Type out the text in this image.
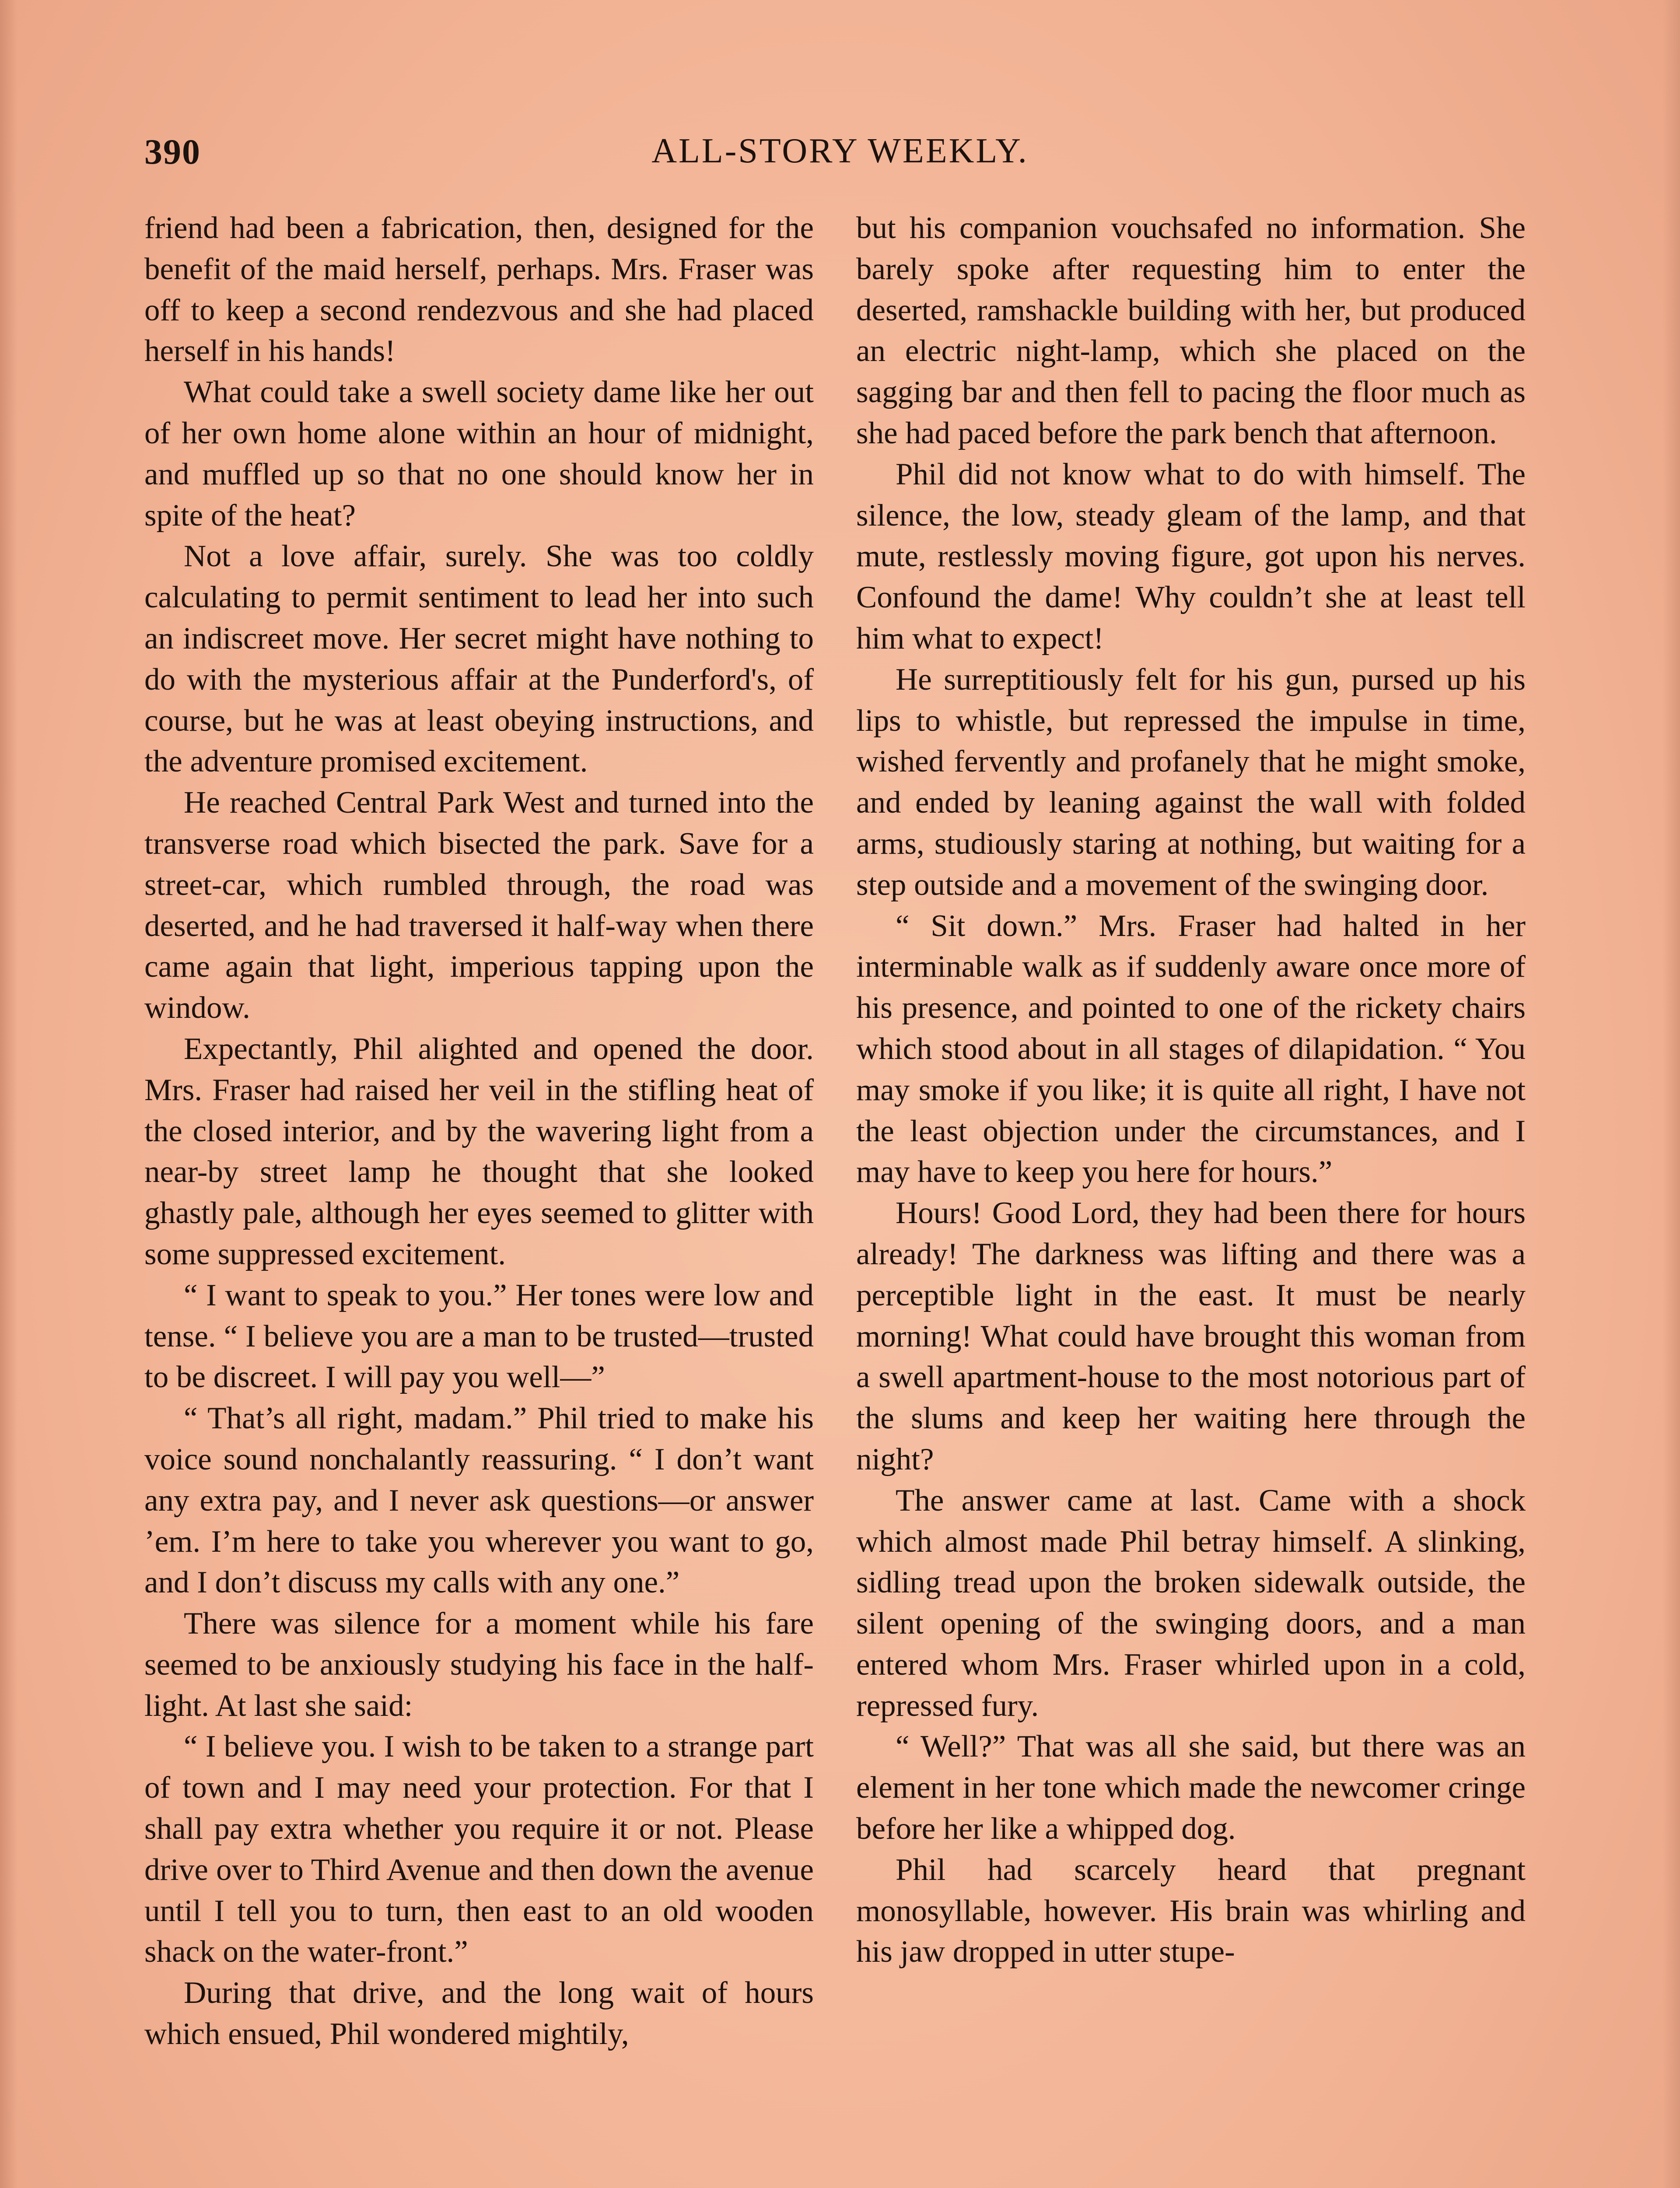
390	ALL-STORY WEEKLY.

friend had been a fabrication, then, designed for the benefit of the maid herself, perhaps. Mrs. Fraser was off to keep a second rendezvous and she had placed herself in his hands!

What could take a swell society dame like her out of her own home alone within an hour of midnight, and muffled up so that no one should know her in spite of the heat?

Not a love affair, surely. She was too coldly calculating to permit sentiment to lead her into such an indiscreet move. Her secret might have nothing to do with the mysterious affair at the Punderford's, of course, but he was at least obeying instructions, and the adventure promised excitement.

He reached Central Park West and turned into the transverse road which bisected the park. Save for a street-car, which rumbled through, the road was deserted, and he had traversed it half-way when there came again that light, imperious tapping upon the window.

Expectantly, Phil alighted and opened the door. Mrs. Fraser had raised her veil in the stifling heat of the closed interior, and by the wavering light from a near-by street lamp he thought that she looked ghastly pale, although her eyes seemed to glitter with some suppressed excitement.

“ I want to speak to you.” Her tones were low and tense. “ I believe you are a man to be trusted—trusted to be discreet. I will pay you well—”

“ That’s all right, madam.” Phil tried to make his voice sound nonchalantly reassuring. “ I don’t want any extra pay, and I never ask questions—or answer ’em. I’m here to take you wherever you want to go, and I don’t discuss my calls with any one.”

There was silence for a moment while his fare seemed to be anxiously studying his face in the half-light. At last she said:

“ I believe you. I wish to be taken to a strange part of town and I may need your protection. For that I shall pay extra whether you require it or not. Please drive over to Third Avenue and then down the avenue until I tell you to turn, then east to an old wooden shack on the water-front.”

During that drive, and the long wait of hours which ensued, Phil wondered mightily,

but his companion vouchsafed no information. She barely spoke after requesting him to enter the deserted, ramshackle building with her, but produced an electric night-lamp, which she placed on the sagging bar and then fell to pacing the floor much as she had paced before the park bench that afternoon.

Phil did not know what to do with himself. The silence, the low, steady gleam of the lamp, and that mute, restlessly moving figure, got upon his nerves. Confound the dame! Why couldn’t she at least tell him what to expect!

He surreptitiously felt for his gun, pursed up his lips to whistle, but repressed the impulse in time, wished fervently and profanely that he might smoke, and ended by leaning against the wall with folded arms, studiously staring at nothing, but waiting for a step outside and a movement of the swinging door.

“ Sit down.” Mrs. Fraser had halted in her interminable walk as if suddenly aware once more of his presence, and pointed to one of the rickety chairs which stood about in all stages of dilapidation. “ You may smoke if you like; it is quite all right, I have not the least objection under the circumstances, and I may have to keep you here for hours.”

Hours! Good Lord, they had been there for hours already! The darkness was lifting and there was a perceptible light in the east. It must be nearly morning! What could have brought this woman from a swell apartment-house to the most notorious part of the slums and keep her waiting here through the night?

The answer came at last. Came with a shock which almost made Phil betray himself. A slinking, sidling tread upon the broken sidewalk outside, the silent opening of the swinging doors, and a man entered whom Mrs. Fraser whirled upon in a cold, repressed fury.

“ Well?” That was all she said, but there was an element in her tone which made the newcomer cringe before her like a whipped dog.

Phil had scarcely heard that pregnant monosyllable, however. His brain was whirling and his jaw dropped in utter stupe-
